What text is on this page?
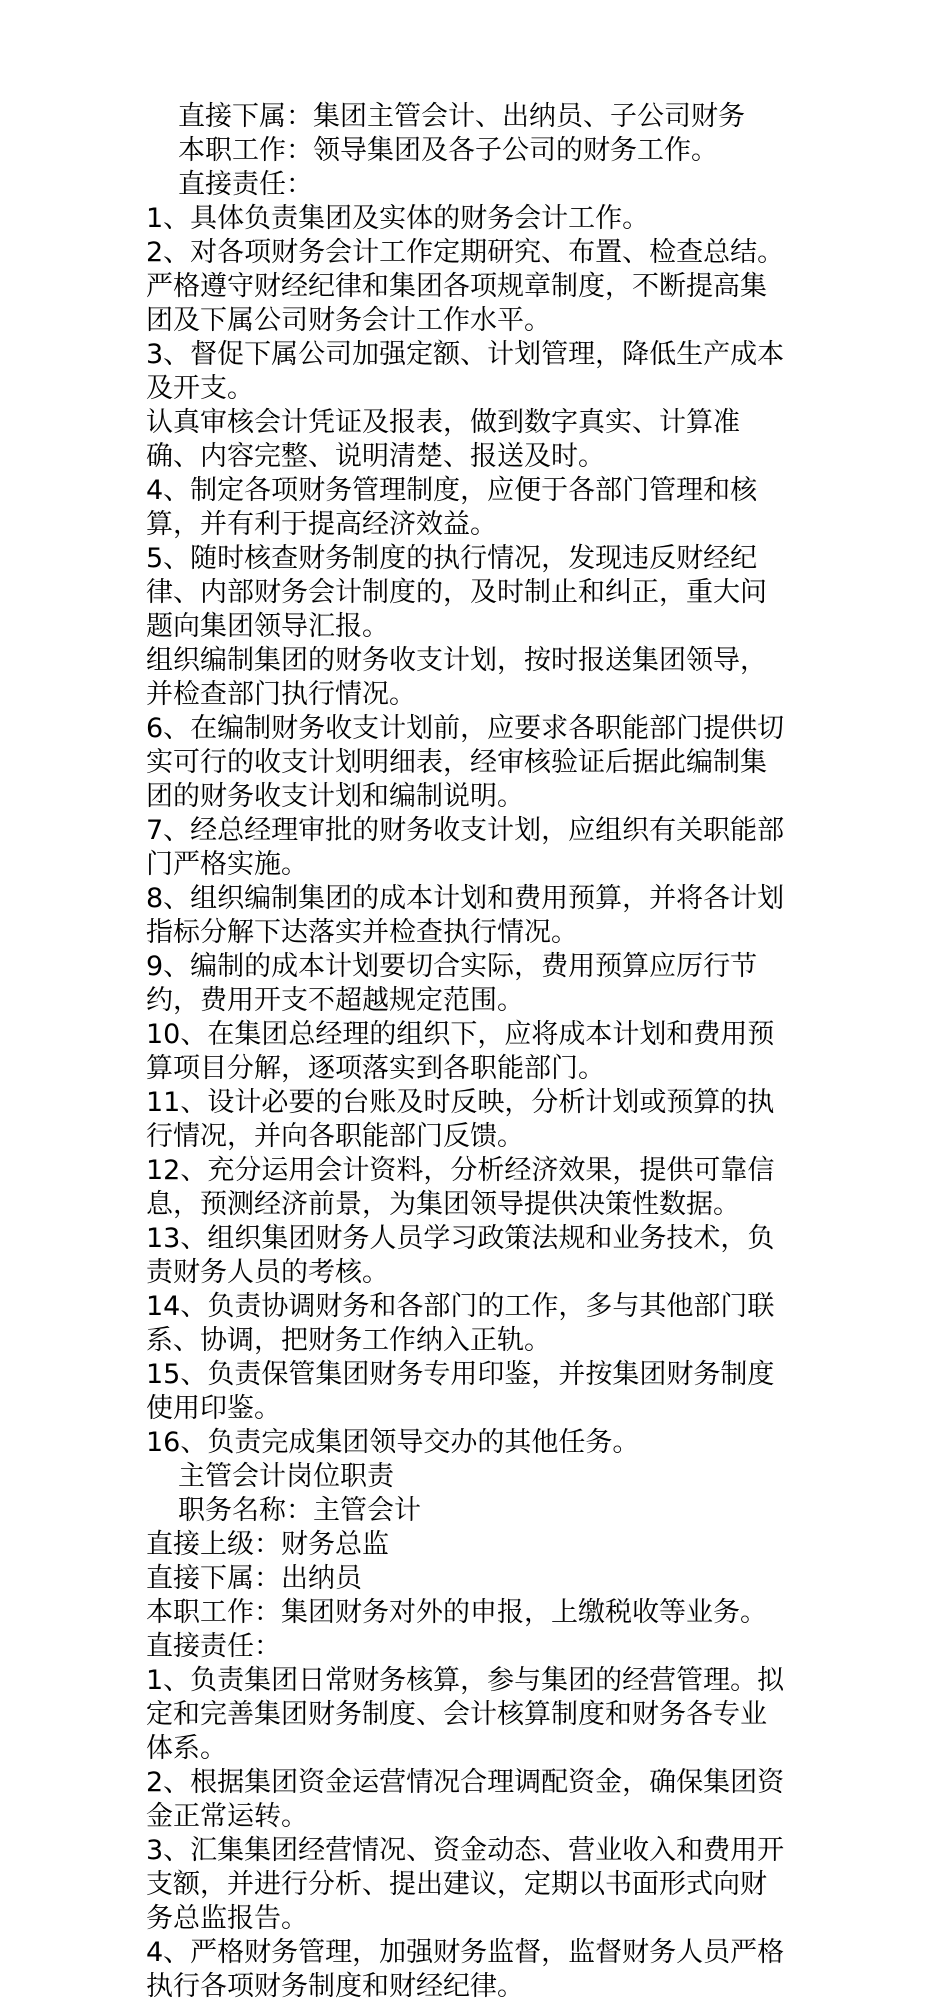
直接下属：集团主管会计、出纳员、子公司财务

本职工作：领导集团及各子公司的财务工作。

直接责任：

1、具体负责集团及实体的财务会计工作。

2、对各项财务会计工作定期研究、布置、检查总结。

严格遵守财经纪律和集团各项规章制度，不断提高集

团及下属公司财务会计工作水平。

3、督促下属公司加强定额、计划管理，降低生产成本

及开支。

认真审核会计凭证及报表，做到数字真实、计算准

确、内容完整、说明清楚、报送及时。

4、制定各项财务管理制度，应便于各部门管理和核

算，并有利于提高经济效益。

5、随时核查财务制度的执行情况，发现违反财经纪

律、内部财务会计制度的，及时制止和纠正，重大问

题向集团领导汇报。

组织编制集团的财务收支计划，按时报送集团领导，

并检查部门执行情况。

6、在编制财务收支计划前，应要求各职能部门提供切

实可行的收支计划明细表，经审核验证后据此编制集

团的财务收支计划和编制说明。

7、经总经理审批的财务收支计划，应组织有关职能部

门严格实施。

8、组织编制集团的成本计划和费用预算，并将各计划

指标分解下达落实并检查执行情况。

9、编制的成本计划要切合实际，费用预算应厉行节

约，费用开支不超越规定范围。

10、在集团总经理的组织下，应将成本计划和费用预

算项目分解，逐项落实到各职能部门。

11、设计必要的台账及时反映，分析计划或预算的执

行情况，并向各职能部门反馈。

12、充分运用会计资料，分析经济效果，提供可靠信

息，预测经济前景，为集团领导提供决策性数据。

13、组织集团财务人员学习政策法规和业务技术，负

责财务人员的考核。

14、负责协调财务和各部门的工作，多与其他部门联

系、协调，把财务工作纳入正轨。

15、负责保管集团财务专用印鉴，并按集团财务制度

使用印鉴。

16、负责完成集团领导交办的其他任务。

主管会计岗位职责

职务名称：主管会计

直接上级：财务总监

直接下属：出纳员

本职工作：集团财务对外的申报，上缴税收等业务。

直接责任：

1、负责集团日常财务核算，参与集团的经营管理。拟

定和完善集团财务制度、会计核算制度和财务各专业

体系。

2、根据集团资金运营情况合理调配资金，确保集团资

金正常运转。

3、汇集集团经营情况、资金动态、营业收入和费用开

支额，并进行分析、提出建议，定期以书面形式向财

务总监报告。

4、严格财务管理，加强财务监督，监督财务人员严格

执行各项财务制度和财经纪律。
